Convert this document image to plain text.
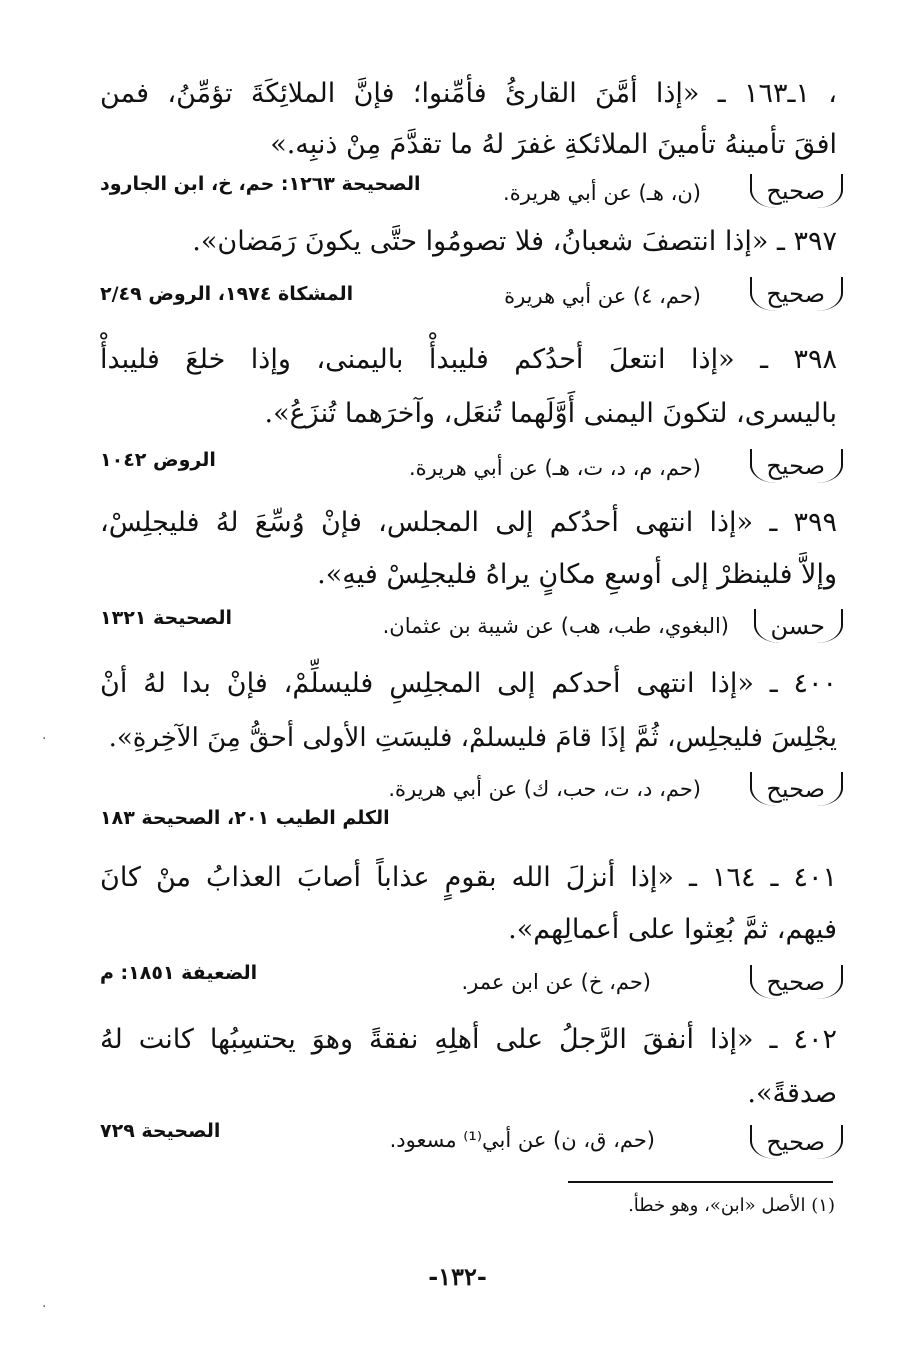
، ١ـ١٦٣ ـ «إذا أمَّنَ القارئُ فأمِّنوا؛ فإنَّ الملائِكَةَ تؤمِّنُ، فمن
افقَ تأمينهُ تأمينَ الملائكةِ غفرَ لهُ ما تقدَّمَ مِنْ ذنبِه.»
صحيح
(ن، هـ) عن أبي هريرة.
الصحيحة ١٢٦٣: حم، خ، ابن الجارود
٣٩٧ ـ «إذا انتصفَ شعبانُ، فلا تصومُوا حتَّى يكونَ رَمَضان».
صحيح
(حم، ٤) عن أبي هريرة
المشكاة ١٩٧٤، الروض ٢/٤٩
٣٩٨ ـ «إذا انتعلَ أحدُكم فليبدأْ باليمنى، وإذا خلعَ فليبدأْ
باليسرى، لتكونَ اليمنى أَوَّلَهما تُنعَل، وآخرَهما تُنزَعُ».
صحيح
(حم، م، د، ت، هـ) عن أبي هريرة.
الروض ١٠٤٢
٣٩٩ ـ «إذا انتهى أحدُكم إلى المجلس، فإنْ وُسِّعَ لهُ فليجلِسْ،
وإلاَّ فلينظرْ إلى أوسعِ مكانٍ يراهُ فليجلِسْ فيهِ».
حسن
(البغوي، طب، هب) عن شيبة بن عثمان.
الصحيحة ١٣٢١
٤٠٠ ـ «إذا انتهى أحدكم إلى المجلِسِ فليسلِّمْ، فإنْ بدا لهُ أنْ
يجْلِسَ فليجلِس، ثُمَّ إذَا قامَ فليسلمْ، فليسَتِ الأولى أحقُّ مِنَ الآخِرةِ».
صحيح
(حم، د، ت، حب، ك) عن أبي هريرة.
الكلم الطيب ٢٠١، الصحيحة ١٨٣
٤٠١ ـ ١٦٤ ـ «إذا أنزلَ الله بقومٍ عذاباً أصابَ العذابُ منْ كانَ
فيهم، ثمَّ بُعِثوا على أعمالِهم».
صحيح
(حم، خ) عن ابن عمر.
الضعيفة ١٨٥١: م
٤٠٢ ـ «إذا أنفقَ الرَّجلُ على أهلِهِ نفقةً وهوَ يحتسِبُها كانت لهُ
صدقةً».
صحيح
(حم، ق، ن) عن أبي⁽¹⁾ مسعود.
الصحيحة ٧٢٩
(١) الأصل «ابن»، وهو خطأ.
-١٣٢-
·
·
